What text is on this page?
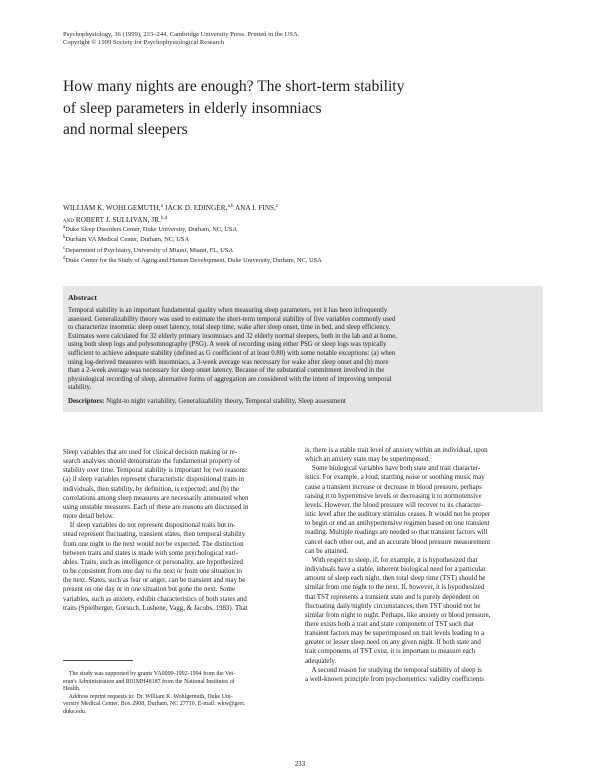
Psychophysiology, 36 (1999), 233–244. Cambridge University Press. Printed in the USA.
Copyright © 1999 Society for Psychophysiological Research
How many nights are enough? The short-term stability
of sleep parameters in elderly insomniacs
and normal sleepers
WILLIAM K. WOHLGEMUTH,$^a$ JACK D. EDINGER,$^{a,b}$ ANA I. FINS,$^c$
and ROBERT J. SULLIVAN, JR.$^{b,d}$
$^a$Duke Sleep Disorders Center, Duke University, Durham, NC, USA
$^b$Durham VA Medical Center, Durham, NC, USA
$^c$Department of Psychiatry, University of Miami, Miami, FL, USA
$^d$Duke Center for the Study of Aging and Human Development, Duke University, Durham, NC, USA
Abstract
Temporal stability is an important fundamental quality when measuring sleep parameters, yet it has been infrequently
assessed. Generalizability theory was used to estimate the short-term temporal stability of five variables commonly used
to characterize insomnia: sleep onset latency, total sleep time, wake after sleep onset, time in bed, and sleep efficiency.
Estimates were calculated for 32 elderly primary insomniacs and 32 elderly normal sleepers, both in the lab and at home,
using both sleep logs and polysomnography (PSG). A week of recording using either PSG or sleep logs was typically
sufficient to achieve adequate stability (defined as G coefficient of at least 0.80) with some notable exceptions: (a) when
using log-derived measures with insomniacs, a 3-week average was necessary for wake after sleep onset and (b) more
than a 2-week average was necessary for sleep onset latency. Because of the substantial commitment involved in the
physiological recording of sleep, alternative forms of aggregation are considered with the intent of improving temporal
stability.
Descriptors: Night-to night variability, Generalizability theory, Temporal stability, Sleep assessment
Sleep variables that are used for clinical decision making or re-
search analyses should demonstrate the fundamental property of
stability over time. Temporal stability is important for two reasons:
(a) if sleep variables represent characteristic dispositional traits in
individuals, then stability, by definition, is expected; and (b) the
correlations among sleep measures are necessarily attenuated when
using unstable measures. Each of these are reasons are discussed in
more detail below.
If sleep variables do not represent dispositional traits but in-
stead represent fluctuating, transient states, then temporal stability
from one night to the next would not be expected. The distinction
between traits and states is made with some psychological vari-
ables. Traits, such as intelligence or personality, are hypothesized
to be consistent from one day to the next or from one situation to
the next. States, such as fear or anger, can be transient and may be
present on one day or in one situation but gone the next. Some
variables, such as anxiety, exhibit characteristics of both states and
traits (Spielberger, Gorsuch, Lushene, Vagg, & Jacobs, 1983). That
is, there is a stable trait level of anxiety within an individual, upon
which an anxiety state may be superimposed.
Some biological variables have both state and trait character-
istics. For example, a loud, startling noise or soothing music may
cause a transient increase or decrease in blood pressure, perhaps
raising it to hypertensive levels or decreasing it to normotensive
levels. However, the blood pressure will recover to its character-
istic level after the auditory stimulus ceases. It would not be proper
to begin or end an antihypertensive regimen based on one transient
reading. Multiple readings are needed so that transient factors will
cancel each other out, and an accurate blood pressure measurement
can be attained.
With respect to sleep, if, for example, it is hypothesized that
individuals have a stable, inherent biological need for a particular
amount of sleep each night, then total sleep time (TST) should be
similar from one night to the next. If, however, it is hypothesized
that TST represents a transient state and is purely dependent on
fluctuating daily/nightly circumstances, then TST should not be
similar from night to night. Perhaps, like anxiety or blood pressure,
there exists both a trait and state component of TST such that
transient factors may be superimposed on trait levels leading to a
greater or lesser sleep need on any given night. If both state and
trait components of TST exist, it is important to measure each
adequately.
A second reason for studying the temporal stability of sleep is
a well-known principle from psychometrics: validity coefficients
The study was supported by grants VA0009-1992-1994 from the Vet-
eran's Administration and R01MH48187 from the National Institutes of
Health.
Address reprint requests to: Dr. William K. Wohlgemuth, Duke Uni-
versity Medical Center, Box 2908, Durham, NC 27710. E-mail: wkw@geri.
duke.edu.
233
